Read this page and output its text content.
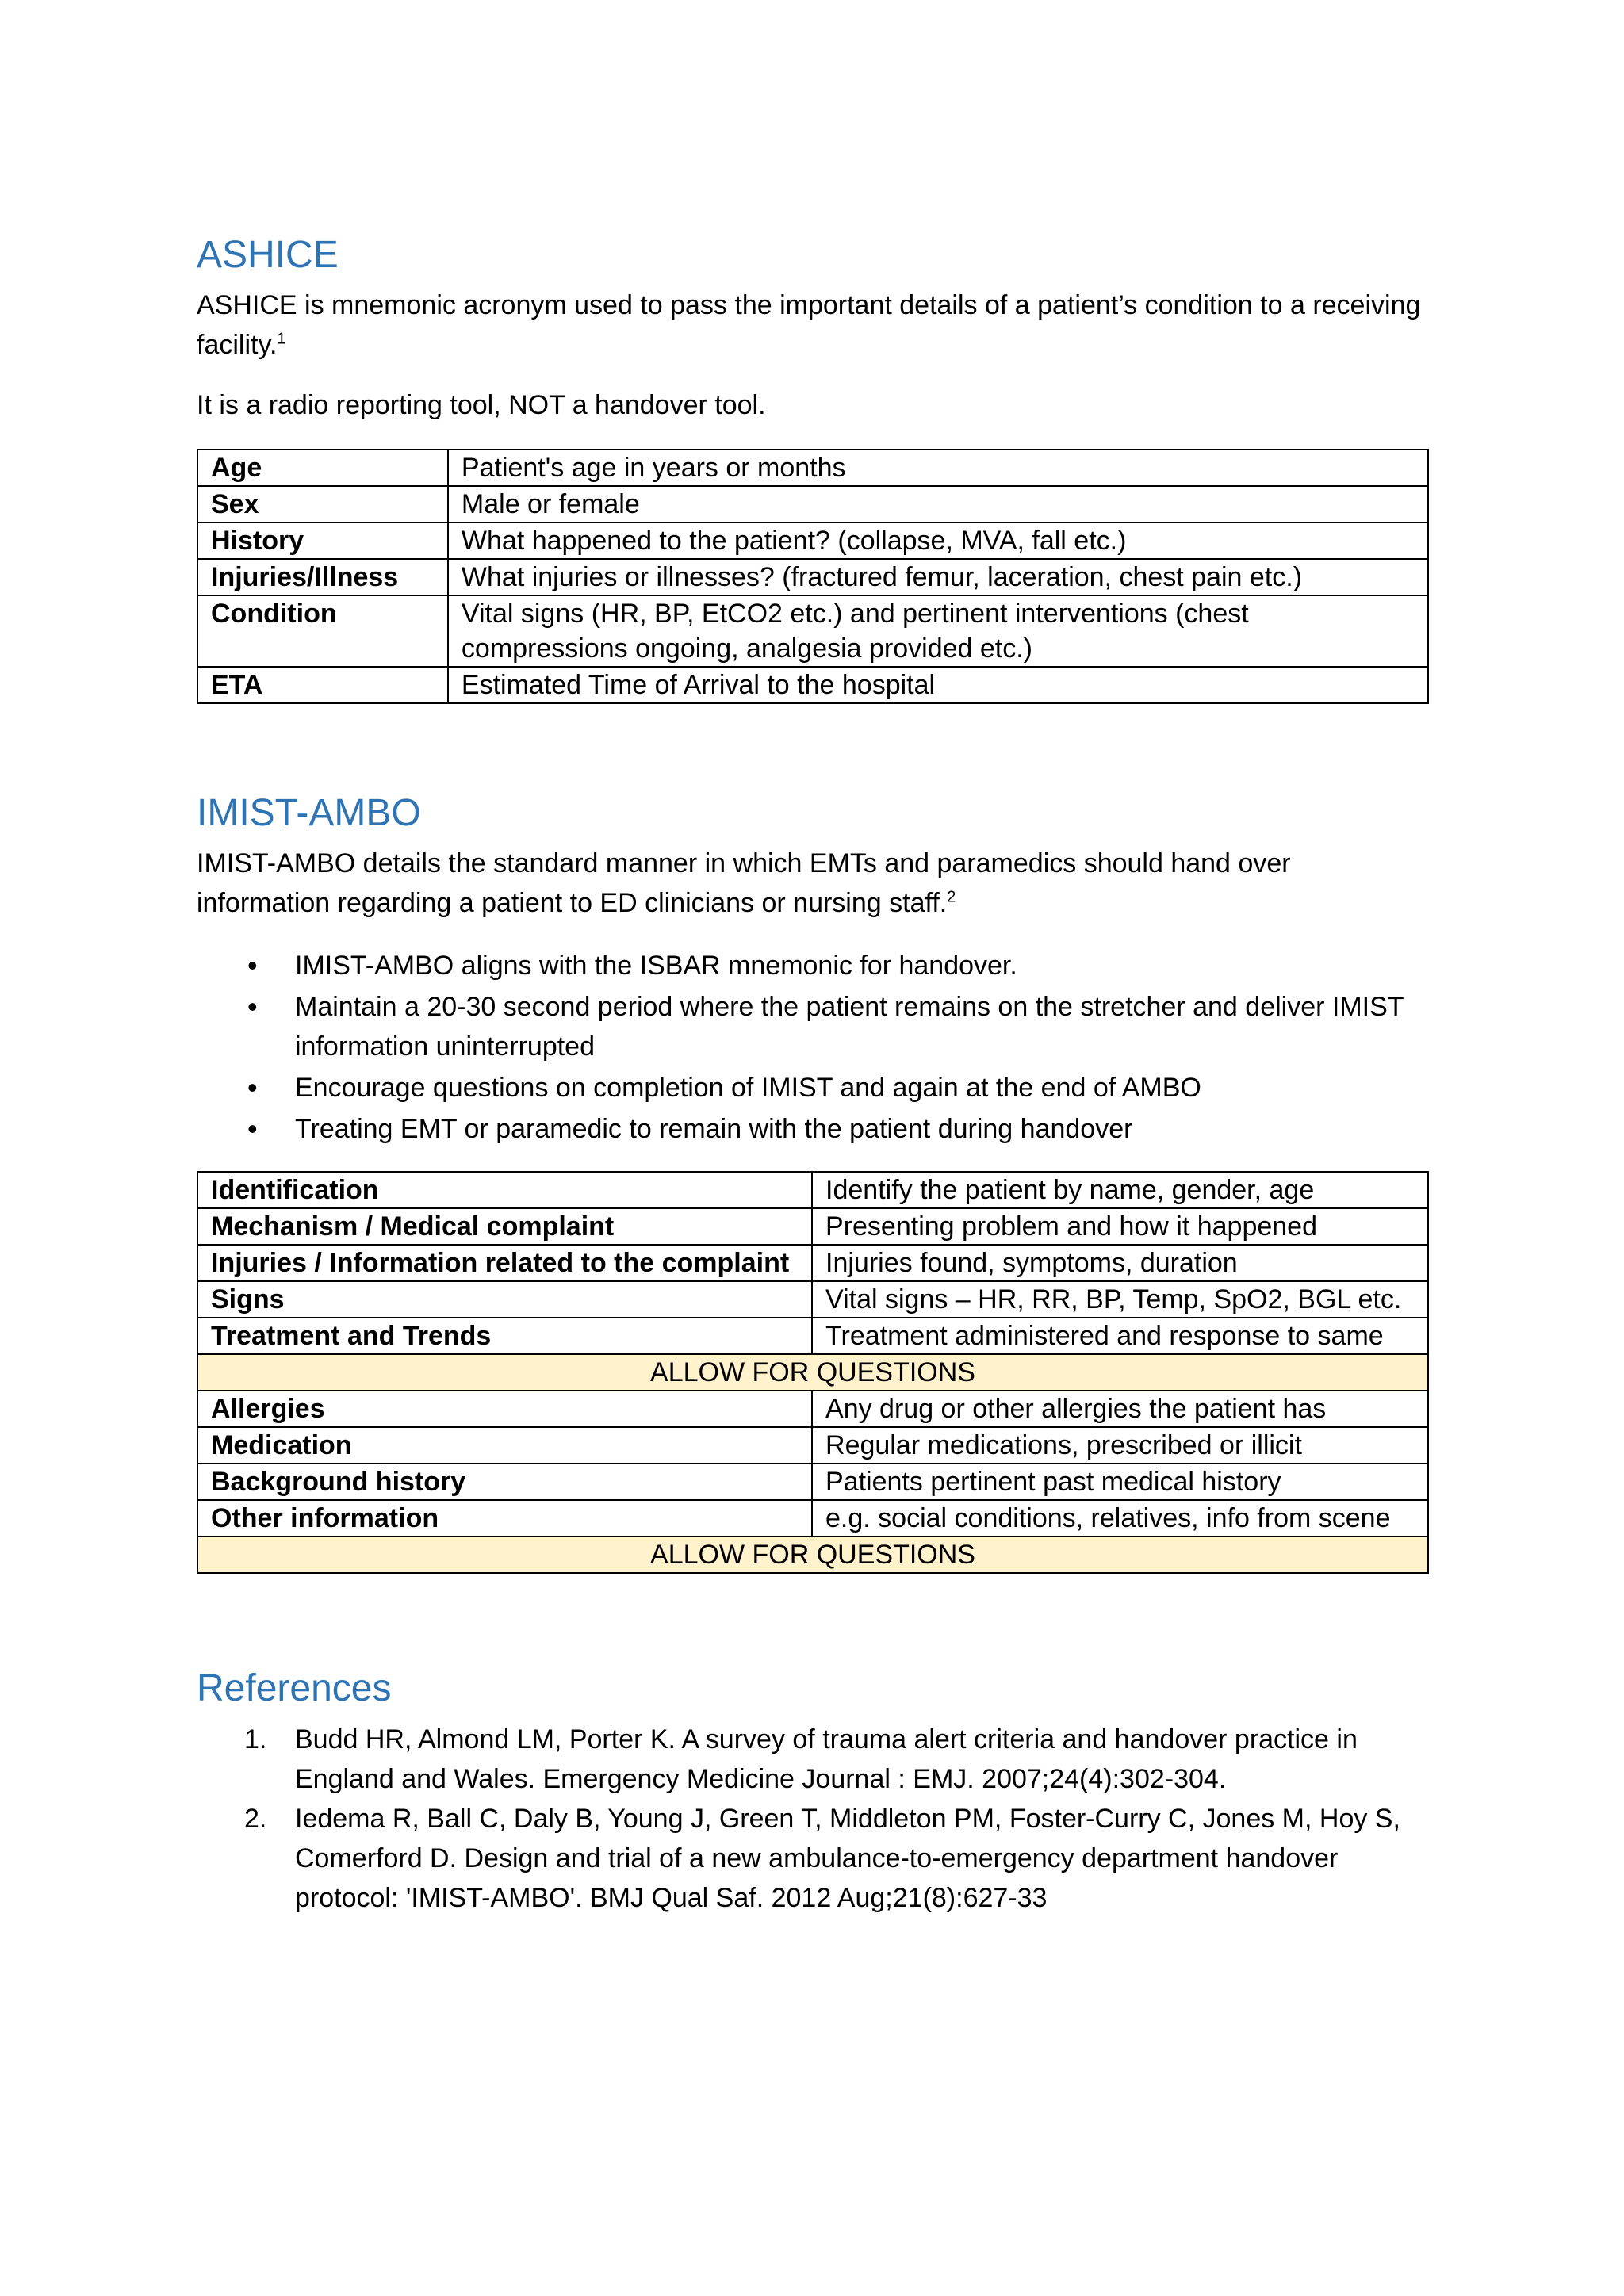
ASHICE

ASHICE is mnemonic acronym used to pass the important details of a patient’s condition to a receiving facility.$^1$

It is a radio reporting tool, NOT a handover tool.

Age	Patient's age in years or months
Sex	Male or female
History	What happened to the patient? (collapse, MVA, fall etc.)
Injuries/Illness	What injuries or illnesses? (fractured femur, laceration, chest pain etc.)
Condition	Vital signs (HR, BP, EtCO2 etc.) and pertinent interventions (chest compressions ongoing, analgesia provided etc.)
ETA	Estimated Time of Arrival to the hospital
IMIST-AMBO

IMIST-AMBO details the standard manner in which EMTs and paramedics should hand over information regarding a patient to ED clinicians or nursing staff.$^2$

• IMIST-AMBO aligns with the ISBAR mnemonic for handover.
• Maintain a 20-30 second period where the patient remains on the stretcher and deliver IMIST information uninterrupted
• Encourage questions on completion of IMIST and again at the end of AMBO
• Treating EMT or paramedic to remain with the patient during handover
Identification	Identify the patient by name, gender, age
Mechanism / Medical complaint	Presenting problem and how it happened
Injuries / Information related to the complaint	Injuries found, symptoms, duration
Signs	Vital signs – HR, RR, BP, Temp, SpO2, BGL etc.
Treatment and Trends	Treatment administered and response to same
ALLOW FOR QUESTIONS	
Allergies	Any drug or other allergies the patient has
Medication	Regular medications, prescribed or illicit
Background history	Patients pertinent past medical history
Other information	e.g. social conditions, relatives, info from scene
ALLOW FOR QUESTIONS	
References
1. Budd HR, Almond LM, Porter K. A survey of trauma alert criteria and handover practice in England and Wales. Emergency Medicine Journal : EMJ. 2007;24(4):302-304.
2. Iedema R, Ball C, Daly B, Young J, Green T, Middleton PM, Foster-Curry C, Jones M, Hoy S, Comerford D. Design and trial of a new ambulance-to-emergency department handover protocol: 'IMIST-AMBO'. BMJ Qual Saf. 2012 Aug;21(8):627-33
